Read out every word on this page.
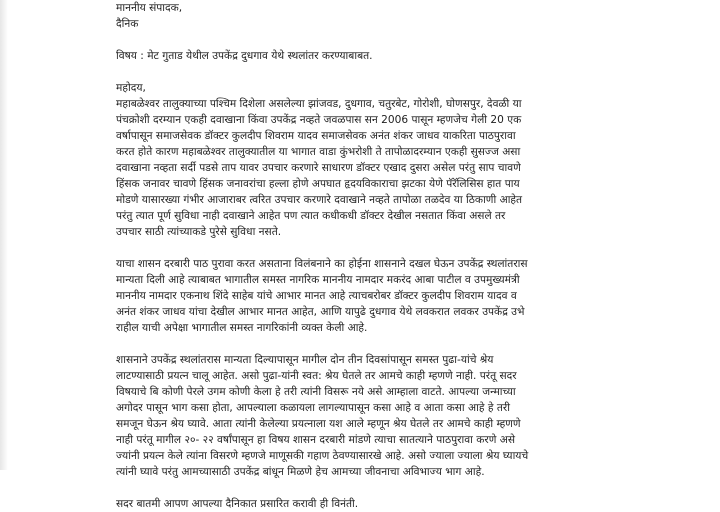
माननीय संपादक,
दैनिक
विषय : मेट गुताड येथील उपकेंद्र दुधगाव येथे स्थलांतर करण्याबाबत.
महोदय,
महाबळेश्वर तालुक्याच्या पश्चिम दिशेला असलेल्या झांजवड, दुधगाव, चतुरबेट, गोरोशी, घोणसपुर, देवळी या
पंचक्रोशी दरम्यान एकही दवाखाना किंवा उपकेंद्र नव्हते जवळपास सन 2006 पासून म्हणजेच गेली 20 एक
वर्षापासून समाजसेवक डॉक्टर कुलदीप शिवराम यादव समाजसेवक अनंत शंकर जाधव याकरिता पाठपुरावा
करत होते कारण महाबळेश्वर तालुक्यातील या भागात वाडा कुंभरोशी ते तापोळादरम्यान एकही सुसज्ज असा
दवाखाना नव्हता सर्दी पडसे ताप यावर उपचार करणारे साधारण डॉक्टर एखाद दुसरा असेल परंतु साप चावणे
हिंसक जनावर चावणे हिंसक जनावरांचा हल्ला होणे अपघात हृदयविकाराचा झटका येणे पॅरॅलिसिस हात पाय
मोडणे यासारख्या गंभीर आजाराबर त्वरित उपचार करणारे दवाखाने नव्हते तापोळा तळदेव या ठिकाणी आहेत
परंतु त्यात पूर्ण सुविधा नाही दवाखाने आहेत पण त्यात कधीकधी डॉक्टर देखील नसतात किंवा असले तर
उपचार साठी त्यांच्याकडे पुरेसे सुविधा नसते.
याचा शासन दरबारी पाठ पुरावा करत असताना विलंबनाने का होईना शासनाने दखल घेऊन उपकेंद्र स्थलांतरास
मान्यता दिली आहे त्याबाबत भागातील समस्त नागरिक माननीय नामदार मकरंद आबा पाटील व उपमुख्यमंत्री
माननीय नामदार एकनाथ शिंदे साहेब यांचे आभार मानत आहे त्याचबरोबर डॉक्टर कुलदीप शिवराम यादव व
अनंत शंकर जाधव यांचा देखील आभार मानत आहेत, आणि यापुढे दुधगाव येथे लवकरात लवकर उपकेंद्र उभे
राहील याची अपेक्षा भागातील समस्त नागरिकांनी व्यक्त केली आहे.
शासनाने उपकेंद्र स्थलांतरास मान्यता दिल्यापासून मागील दोन तीन दिवसांपासून समस्त पुढा-यांचे श्रेय
लाटण्यासाठी प्रयत्न चालू आहेत. असो पुढा-यांनी स्वत: श्रेय घेतले तर आमचे काही म्हणणे नाही. परंतू सदर
विषयाचे बि कोणी पेरले उगम कोणी केला हे तरी त्यांनी विसरू नये असे आम्हाला वाटते. आपल्या जन्माच्या
अगोदर पासून भाग कसा होता, आपल्याला कळायला लागल्यापासून कसा आहे व आता कसा आहे हे तरी
समजून घेऊन श्रेय घ्यावे. आता त्यांनी केलेल्या प्रयत्नाला यश आले म्हणून श्रेय घेतले तर आमचे काही म्हणणे
नाही परंतू मागील २०- २२ वर्षांपासून हा विषय शासन दरबारी मांडणे त्याचा सातत्याने पाठपुरावा करणे असे
ज्यांनी प्रयत्न केले त्यांना विसरणे म्हणजे माणूसकी गहाण ठेवण्यासारखे आहे. असो ज्याला ज्याला श्रेय घ्यायचे
त्यांनी घ्यावे परंतु आमच्यासाठी उपकेंद्र बांधून मिळणे हेच आमच्या जीवनाचा अविभाज्य भाग आहे.
सदर बातमी आपण आपल्या दैनिकात प्रसारित करावी ही विनंती.
